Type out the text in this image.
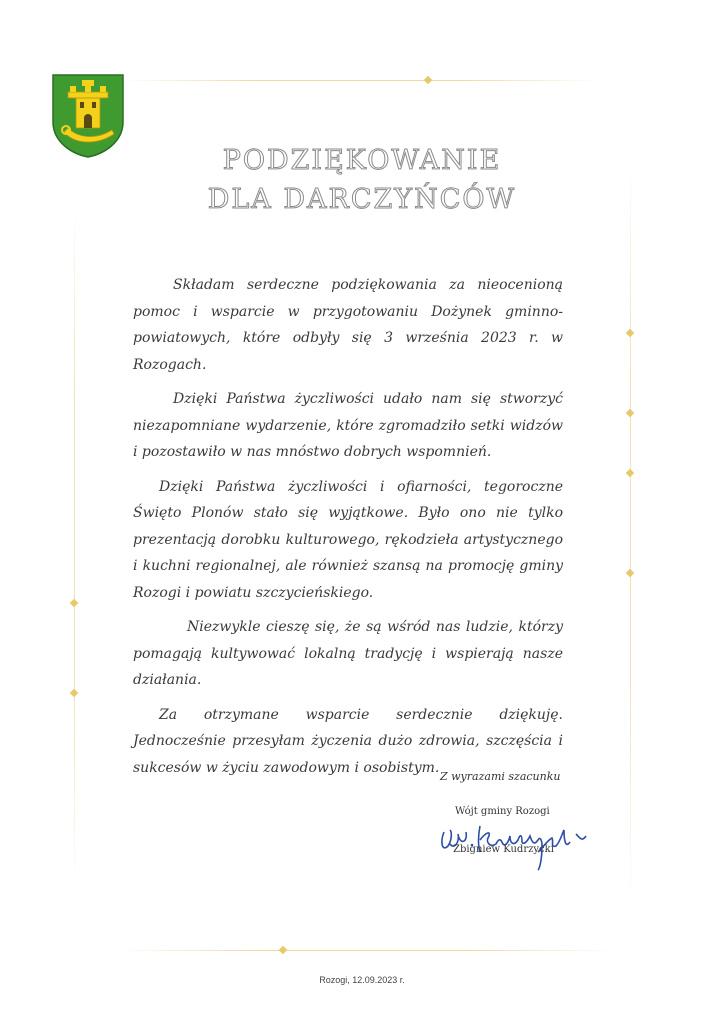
PODZIĘKOWANIE
DLA DARCZYŃCÓW

Składam serdeczne podziękowania za nieocenioną pomoc i wsparcie w przygotowaniu Dożynek gminno-powiatowych, które odbyły się 3 września 2023 r. w Rozogach.

Dzięki Państwa życzliwości udało nam się stworzyć niezapomniane wydarzenie, które zgromadziło setki widzów i pozostawiło w nas mnóstwo dobrych wspomnień.

Dzięki Państwa życzliwości i ofiarności, tegoroczne Święto Plonów stało się wyjątkowe. Było ono nie tylko prezentacją dorobku kulturowego, rękodzieła artystycznego i kuchni regionalnej, ale również szansą na promocję gminy Rozogi i powiatu szczycieńskiego.

Niezwykle cieszę się, że są wśród nas ludzie, którzy pomagają kultywować lokalną tradycję i wspierają nasze działania.

Za otrzymane wsparcie serdecznie dziękuję. Jednocześnie przesyłam życzenia dużo zdrowia, szczęścia i sukcesów w życiu zawodowym i osobistym.

Z wyrazami szacunku
Wójt gminy Rozogi
Zbigniew Kudrzycki
Rozogi, 12.09.2023 r.
